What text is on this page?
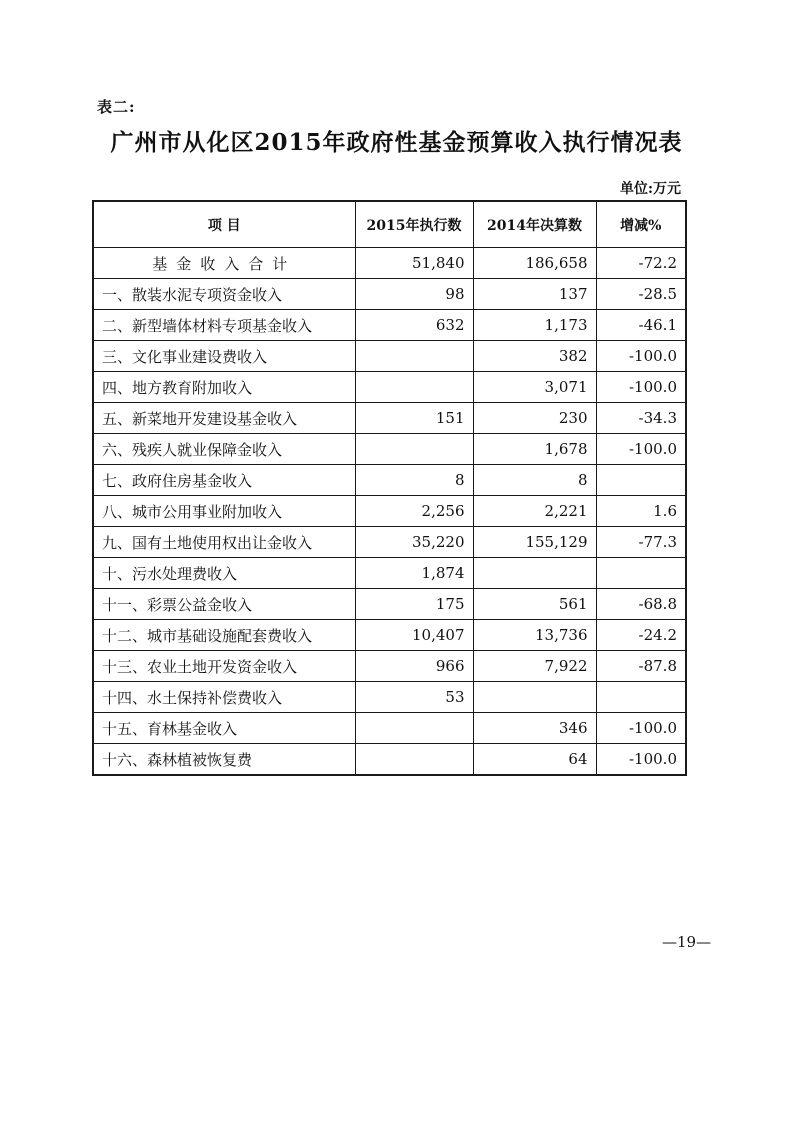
表二:
广州市从化区2015年政府性基金预算收入执行情况表
单位:万元
项 目	2015年执行数	2014年决算数	增减%
基金收入合计	51,840	186,658	-72.2
一、散装水泥专项资金收入	98	137	-28.5
二、新型墙体材料专项基金收入	632	1,173	-46.1
三、文化事业建设费收入		382	-100.0
四、地方教育附加收入		3,071	-100.0
五、新菜地开发建设基金收入	151	230	-34.3
六、残疾人就业保障金收入		1,678	-100.0
七、政府住房基金收入	8	8	
八、城市公用事业附加收入	2,256	2,221	1.6
九、国有土地使用权出让金收入	35,220	155,129	-77.3
十、污水处理费收入	1,874		
十一、彩票公益金收入	175	561	-68.8
十二、城市基础设施配套费收入	10,407	13,736	-24.2
十三、农业土地开发资金收入	966	7,922	-87.8
十四、水土保持补偿费收入	53		
十五、育林基金收入		346	-100.0
十六、森林植被恢复费		64	-100.0
—19—
